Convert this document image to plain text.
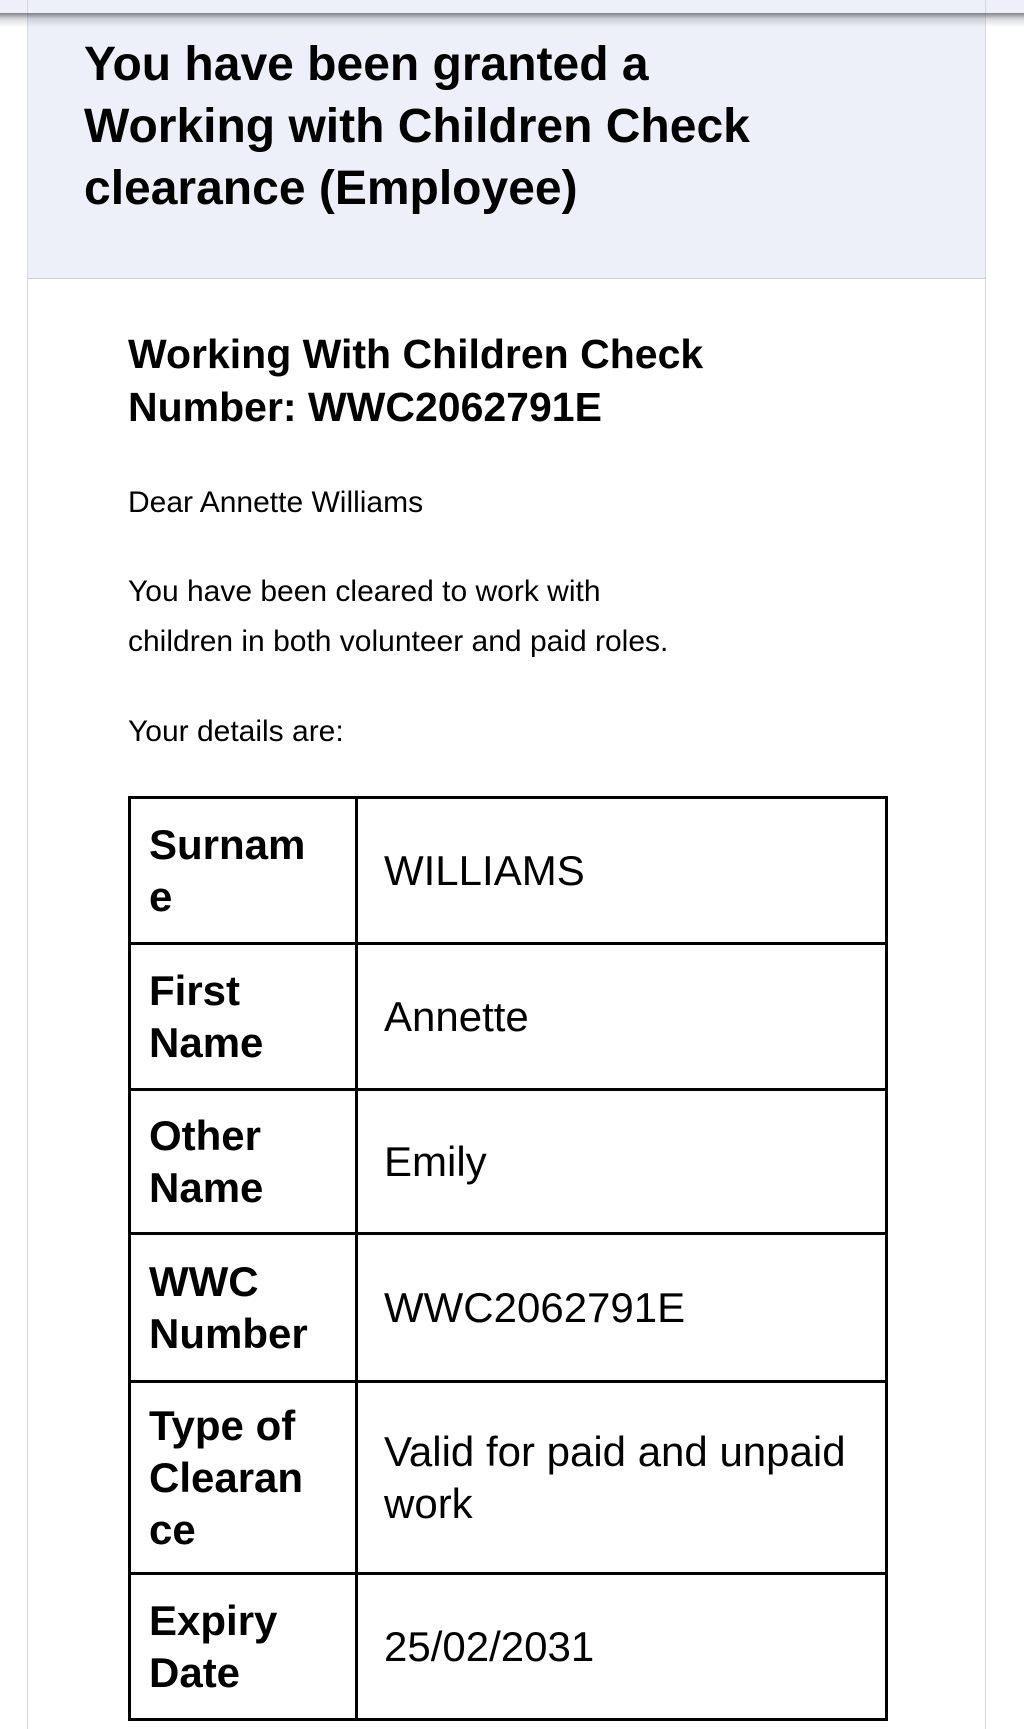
You have been granted a
Working with Children Check
clearance (Employee)
Working With Children Check
Number: WWC2062791E

Dear Annette Williams

You have been cleared to work with
children in both volunteer and paid roles.

Your details are:

Surnam
e	WILLIAMS
First
Name	Annette
Other
Name	Emily
WWC
Number	WWC2062791E
Type of
Clearan
ce	Valid for paid and unpaid
work
Expiry
Date	25/02/2031
